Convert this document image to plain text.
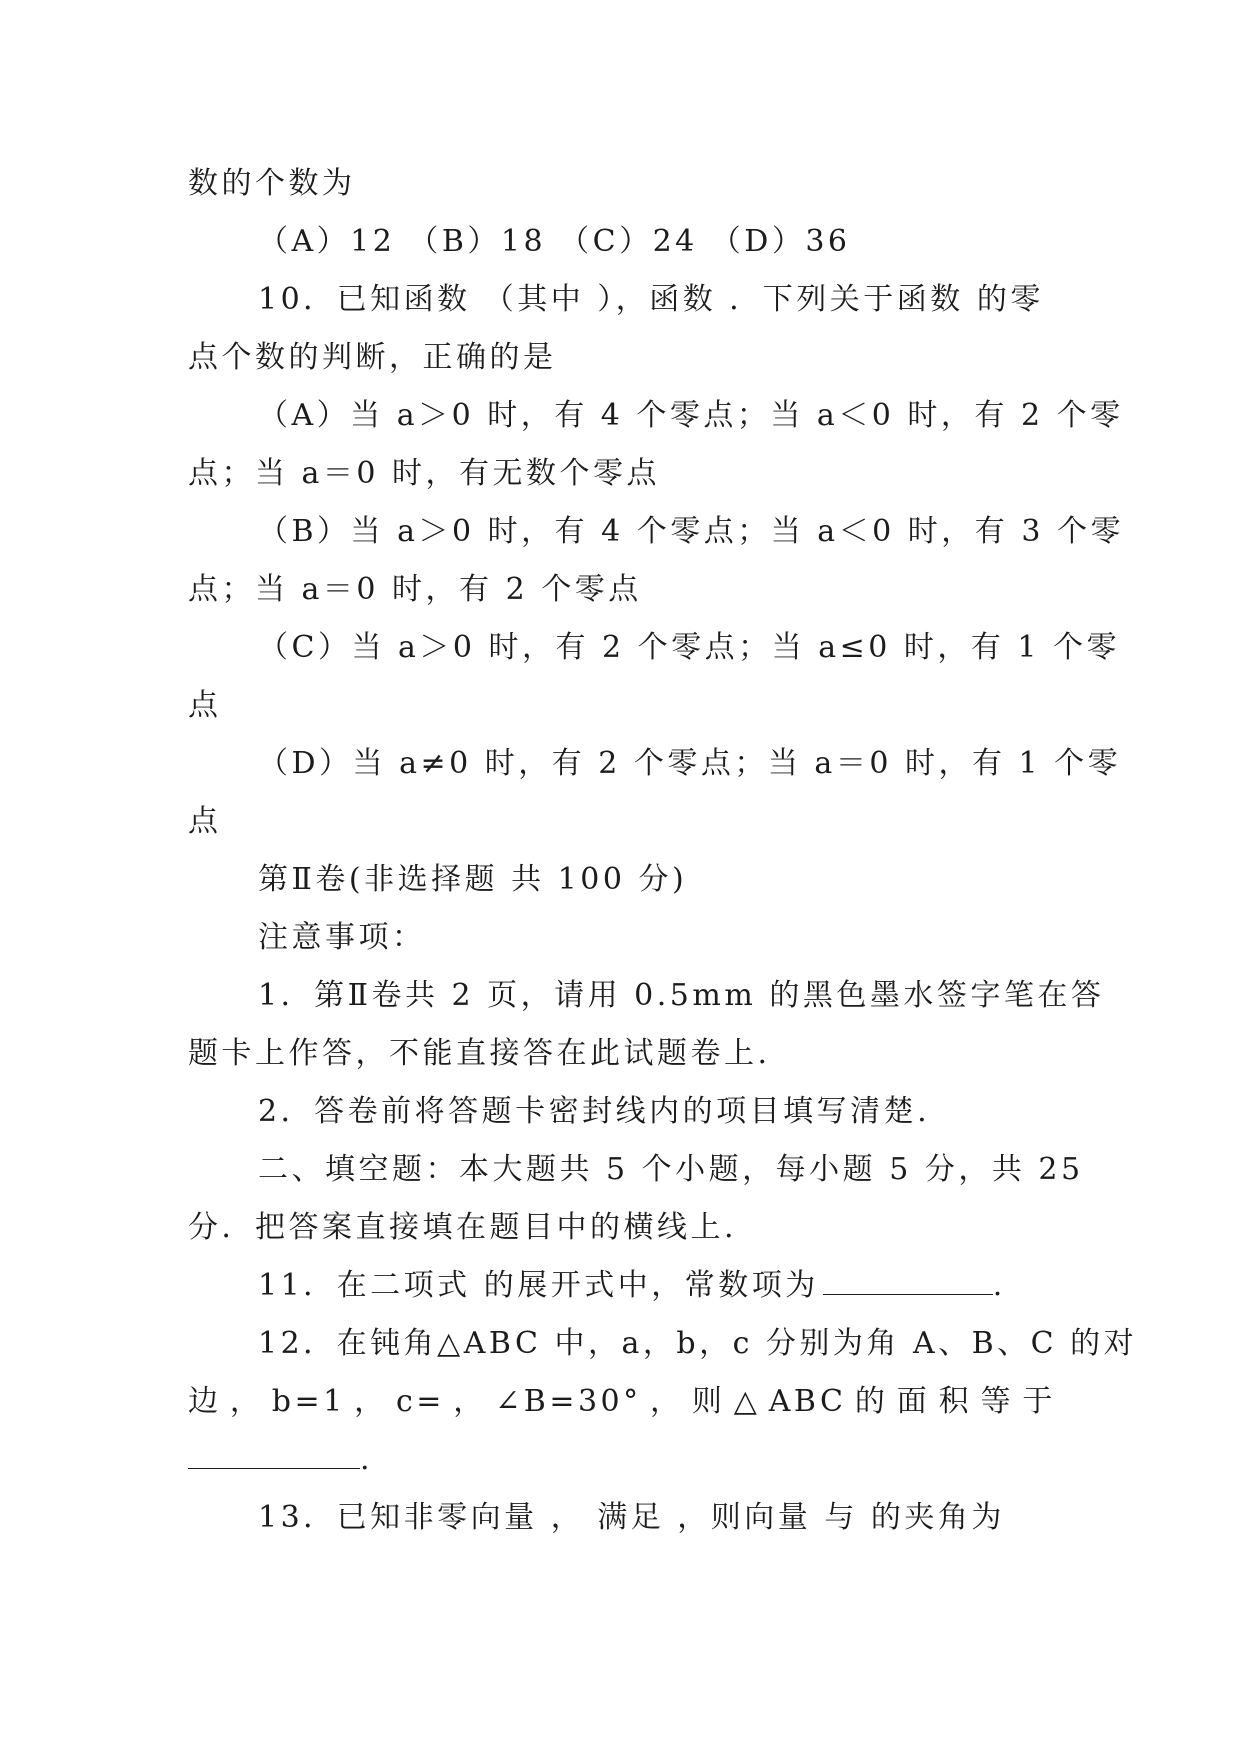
数的个数为
（A）12 （B）18 （C）24 （D）36
10．已知函数 （其中 ），函数 ．下列关于函数 的零
点个数的判断，正确的是
（A）当 a＞0 时，有 4 个零点；当 a＜0 时，有 2 个零
点；当 a＝0 时，有无数个零点
（B）当 a＞0 时，有 4 个零点；当 a＜0 时，有 3 个零
点；当 a＝0 时，有 2 个零点
（C）当 a＞0 时，有 2 个零点；当 a≤0 时，有 1 个零
点
（D）当 a≠0 时，有 2 个零点；当 a＝0 时，有 1 个零
点
第Ⅱ卷(非选择题 共 100 分)
注意事项：
1．第Ⅱ卷共 2 页，请用 0.5mm 的黑色墨水签字笔在答
题卡上作答，不能直接答在此试题卷上.
2．答卷前将答题卡密封线内的项目填写清楚.
二、填空题：本大题共 5 个小题，每小题 5 分，共 25
分．把答案直接填在题目中的横线上.
11．在二项式 的展开式中，常数项为	.
12．在钝角△ABC 中，a，b，c 分别为角 A、B、C 的对
边 ， b=1 ， c= ， ∠B=30° ， 则 △ ABC 的 面 积 等 于
.
13．已知非零向量 ， 满足 ，则向量 与 的夹角为
